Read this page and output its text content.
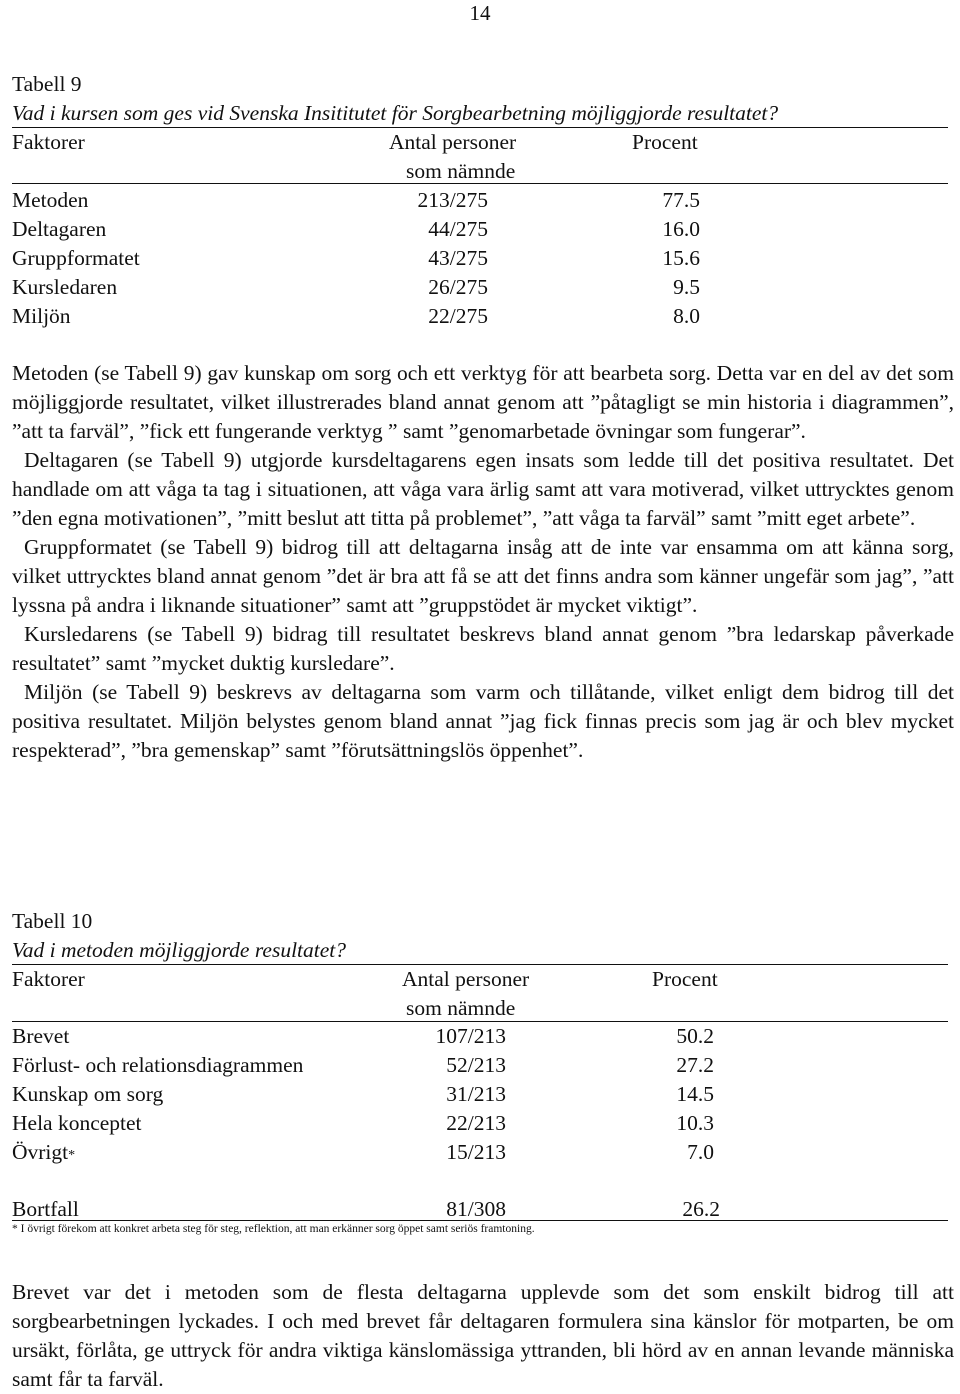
14
Tabell 9
Vad i kursen som ges vid Svenska Insititutet för Sorgbearbetning möjliggjorde resultatet?
Faktorer	Antal personer	Procent
som nämnde
Metoden	213/275	77.5
Deltagaren	44/275	16.0
Gruppformatet	43/275	15.6
Kursledaren	26/275	9.5
Miljön	22/275	8.0

Metoden (se Tabell 9) gav kunskap om sorg och ett verktyg för att bearbeta sorg. Detta var en del av det som möjliggjorde resultatet, vilket illustrerades bland annat genom att ”påtagligt se min historia i diagrammen”, ”att ta farväl”, ”fick ett fungerande verktyg ” samt ”genomarbetade övningar som fungerar”.

Deltagaren (se Tabell 9) utgjorde kursdeltagarens egen insats som ledde till det positiva resultatet. Det handlade om att våga ta tag i situationen, att våga vara ärlig samt att vara motiverad, vilket uttrycktes genom ”den egna motivationen”, ”mitt beslut att titta på problemet”, ”att våga ta farväl” samt ”mitt eget arbete”.

Gruppformatet (se Tabell 9) bidrog till att deltagarna insåg att de inte var ensamma om att känna sorg, vilket uttrycktes bland annat genom ”det är bra att få se att det finns andra som känner ungefär som jag”, ”att lyssna på andra i liknande situationer” samt att ”gruppstödet är mycket viktigt”.

Kursledarens (se Tabell 9) bidrag till resultatet beskrevs bland annat genom ”bra ledarskap påverkade resultatet” samt ”mycket duktig kursledare”.

Miljön (se Tabell 9) beskrevs av deltagarna som varm och tillåtande, vilket enligt dem bidrog till det positiva resultatet. Miljön belystes genom bland annat ”jag fick finnas precis som jag är och blev mycket respekterad”, ”bra gemenskap” samt ”förutsättningslös öppenhet”.

Tabell 10
Vad i metoden möjliggjorde resultatet?
Faktorer	Antal personer	Procent
som nämnde
Brevet	107/213	50.2
Förlust- och relationsdiagrammen	52/213	27.2
Kunskap om sorg	31/213	14.5
Hela konceptet	22/213	10.3
Övrigt*	15/213	7.0
Bortfall	81/308	26.2
* I övrigt förekom att konkret arbeta steg för steg, reflektion, att man erkänner sorg öppet samt seriös framtoning.

Brevet var det i metoden som de flesta deltagarna upplevde som det som enskilt bidrog till att sorgbearbetningen lyckades. I och med brevet får deltagaren formulera sina känslor för motparten, be om ursäkt, förlåta, ge uttryck för andra viktiga känslomässiga yttranden, bli hörd av en annan levande människa samt får ta farväl.
